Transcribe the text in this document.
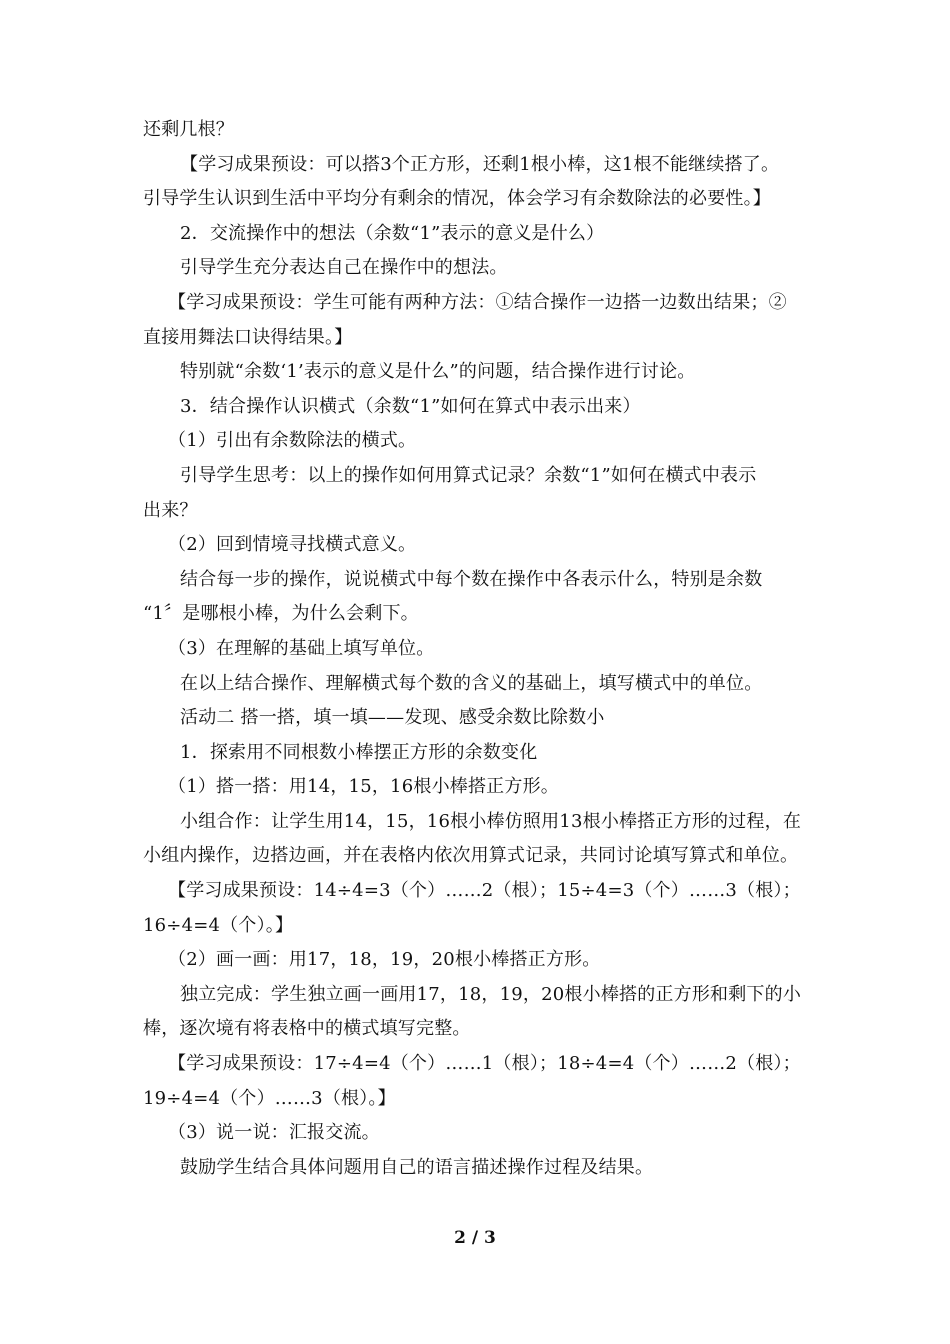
还剩几根？
【学习成果预设：可以搭3个正方形，还剩1根小棒，这1根不能继续搭了。
引导学生认识到生活中平均分有剩余的情况，体会学习有余数除法的必要性。】
2．交流操作中的想法（余数“1”表示的意义是什么）
引导学生充分表达自己在操作中的想法。
【学习成果预设：学生可能有两种方法：①结合操作一边搭一边数出结果；②
直接用舞法口诀得结果。】
特别就“余数‘1’表示的意义是什么”的问题，结合操作进行讨论。
3．结合操作认识横式（余数“1”如何在算式中表示出来）
（1）引出有余数除法的横式。
引导学生思考：以上的操作如何用算式记录？余数“1”如何在横式中表示
出来？
（2）回到情境寻找横式意义。
结合每一步的操作，说说横式中每个数在操作中各表示什么，特别是余数
“1〞是哪根小棒，为什么会剩下。
（3）在理解的基础上填写单位。
在以上结合操作、理解横式每个数的含义的基础上，填写横式中的单位。
活动二 搭一搭，填一填——发现、感受余数比除数小
1．探索用不同根数小棒摆正方形的余数变化
（1）搭一搭：用14，15，16根小棒搭正方形。
小组合作：让学生用14，15，16根小棒仿照用13根小棒搭正方形的过程，在
小组内操作，边搭边画，并在表格内依次用算式记录，共同讨论填写算式和单位。
【学习成果预设：14÷4=3（个）……2（根）；15÷4=3（个）……3（根）；
16÷4=4（个）。】
（2）画一画：用17，18，19，20根小棒搭正方形。
独立完成：学生独立画一画用17，18，19，20根小棒搭的正方形和剩下的小
棒，逐次境有将表格中的横式填写完整。
【学习成果预设：17÷4=4（个）……1（根）；18÷4=4（个）……2（根）；
19÷4=4（个）……3（根）。】
（3）说一说：汇报交流。
鼓励学生结合具体问题用自己的语言描述操作过程及结果。
2 / 3
